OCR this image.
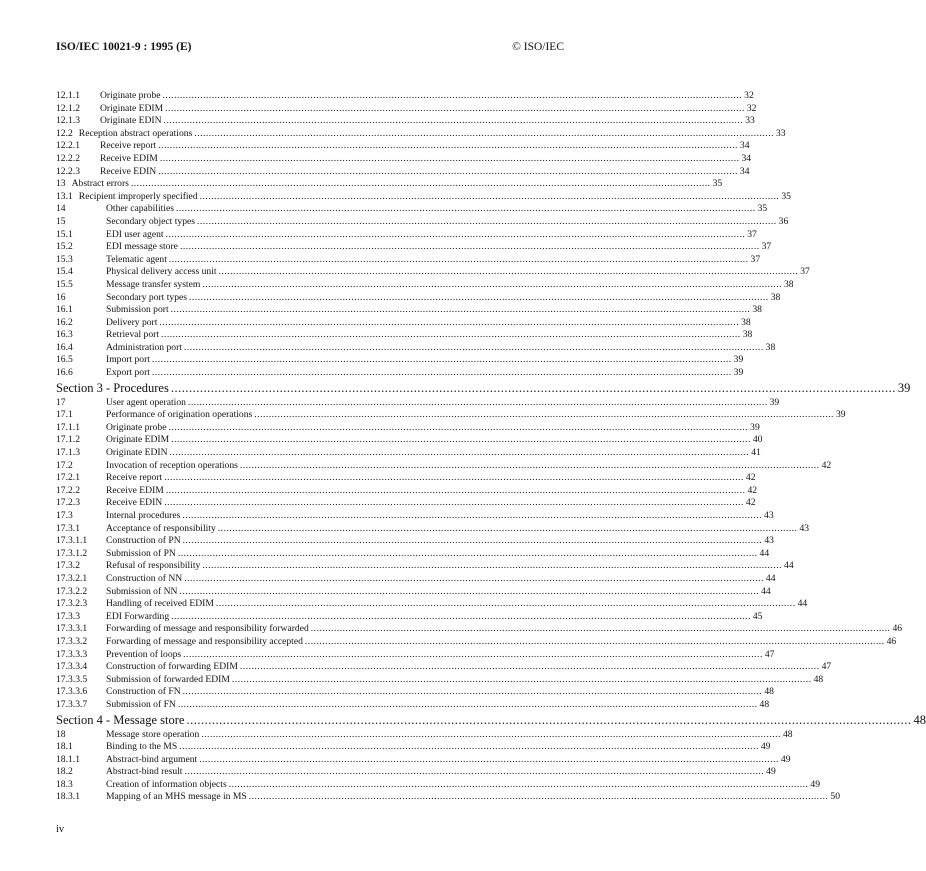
ISO/IEC 10021-9 : 1995 (E)	© ISO/IEC
12.1.1	Originate probe ........................................................................................................................................................................................................ 32
12.1.2	Originate EDIM ........................................................................................................................................................................................................ 32
12.1.3	Originate EDIN ........................................................................................................................................................................................................ 33
12.2 Reception abstract operations ........................................................................................................................................................................................................ 33
12.2.1	Receive report ........................................................................................................................................................................................................ 34
12.2.2	Receive EDIM ........................................................................................................................................................................................................ 34
12.2.3	Receive EDIN ........................................................................................................................................................................................................ 34
13 Abstract errors ........................................................................................................................................................................................................ 35
13.1 Recipient improperly specified ........................................................................................................................................................................................................ 35
14	Other capabilities ........................................................................................................................................................................................................ 35
15	Secondary object types ........................................................................................................................................................................................................ 36
15.1	EDI user agent ........................................................................................................................................................................................................ 37
15.2	EDI message store ........................................................................................................................................................................................................ 37
15.3	Telematic agent ........................................................................................................................................................................................................ 37
15.4	Physical delivery access unit ........................................................................................................................................................................................................ 37
15.5	Message transfer system ........................................................................................................................................................................................................ 38
16	Secondary port types ........................................................................................................................................................................................................ 38
16.1	Submission port ........................................................................................................................................................................................................ 38
16.2	Delivery port ........................................................................................................................................................................................................ 38
16.3	Retrieval port ........................................................................................................................................................................................................ 38
16.4	Administration port ........................................................................................................................................................................................................ 38
16.5	Import port ........................................................................................................................................................................................................ 39
16.6	Export port ........................................................................................................................................................................................................ 39
Section 3 - Procedures ........................................................................................................................................................................................................ 39
17	User agent operation ........................................................................................................................................................................................................ 39
17.1	Performance of origination operations ........................................................................................................................................................................................................ 39
17.1.1	Originate probe ........................................................................................................................................................................................................ 39
17.1.2	Originate EDIM ........................................................................................................................................................................................................ 40
17.1.3	Originate EDIN ........................................................................................................................................................................................................ 41
17.2	Invocation of reception operations ........................................................................................................................................................................................................ 42
17.2.1	Receive report ........................................................................................................................................................................................................ 42
17.2.2	Receive EDIM ........................................................................................................................................................................................................ 42
17.2.3	Receive EDIN ........................................................................................................................................................................................................ 42
17.3	Internal procedures ........................................................................................................................................................................................................ 43
17.3.1	Acceptance of responsibility ........................................................................................................................................................................................................ 43
17.3.1.1	Construction of PN ........................................................................................................................................................................................................ 43
17.3.1.2	Submission of PN ........................................................................................................................................................................................................ 44
17.3.2	Refusal of responsibility ........................................................................................................................................................................................................ 44
17.3.2.1	Construction of NN ........................................................................................................................................................................................................ 44
17.3.2.2	Submission of NN ........................................................................................................................................................................................................ 44
17.3.2.3	Handling of received EDIM ........................................................................................................................................................................................................ 44
17.3.3	EDI Forwarding ........................................................................................................................................................................................................ 45
17.3.3.1	Forwarding of message and responsibility forwarded ........................................................................................................................................................................................................ 46
17.3.3.2	Forwarding of message and responsibility accepted ........................................................................................................................................................................................................ 46
17.3.3.3	Prevention of loops ........................................................................................................................................................................................................ 47
17.3.3.4	Construction of forwarding EDIM ........................................................................................................................................................................................................ 47
17.3.3.5	Submission of forwarded EDIM ........................................................................................................................................................................................................ 48
17.3.3.6	Construction of FN ........................................................................................................................................................................................................ 48
17.3.3.7	Submission of FN ........................................................................................................................................................................................................ 48
Section 4 - Message store ........................................................................................................................................................................................................ 48
18	Message store operation ........................................................................................................................................................................................................ 48
18.1	Binding to the MS ........................................................................................................................................................................................................ 49
18.1.1	Abstract-bind argument ........................................................................................................................................................................................................ 49
18.2	Abstract-bind result ........................................................................................................................................................................................................ 49
18.3	Creation of information objects ........................................................................................................................................................................................................ 49
18.3.1	Mapping of an MHS message in MS ........................................................................................................................................................................................................ 50
iv
